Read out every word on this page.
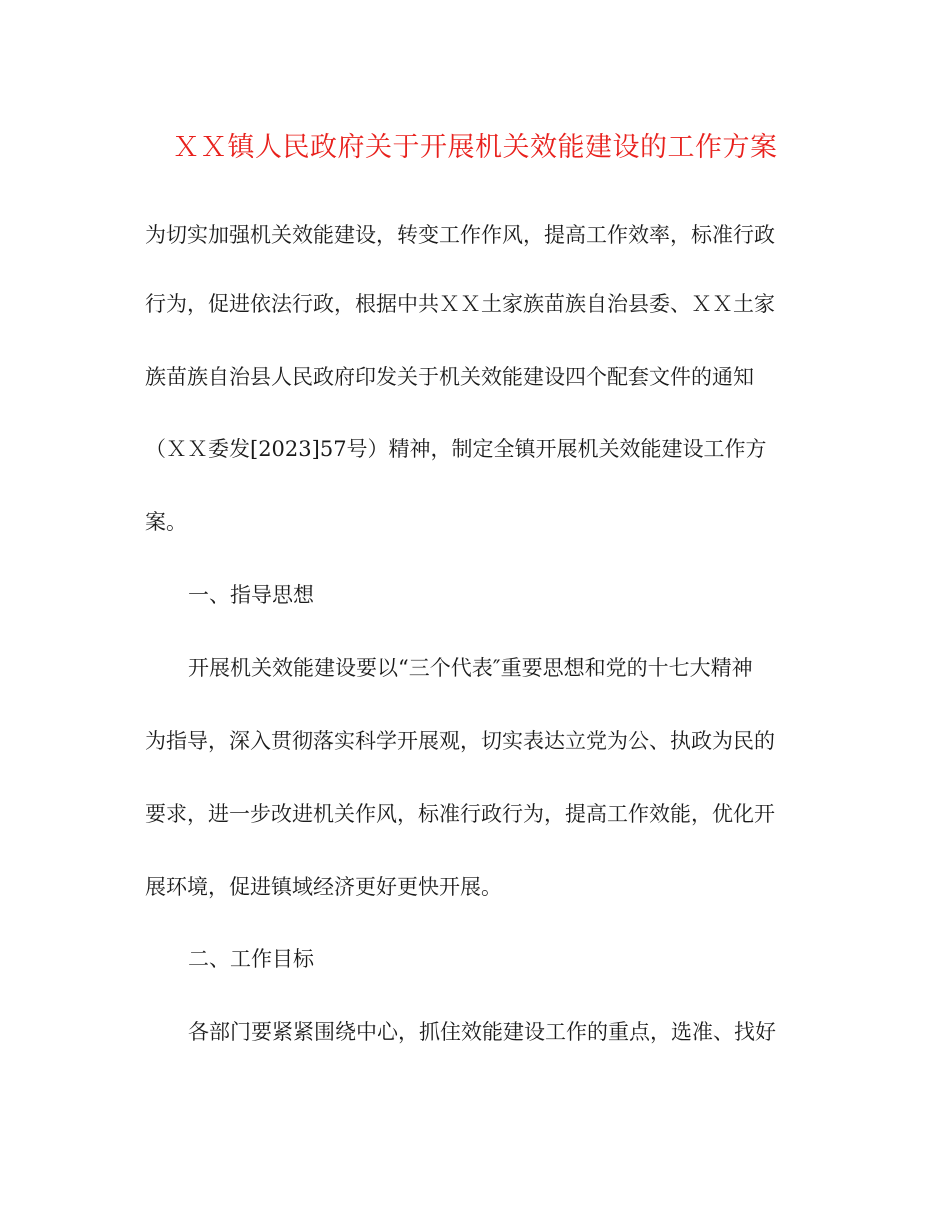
ＸＸ镇人民政府关于开展机关效能建设的工作方案
为切实加强机关效能建设，转变工作作风，提高工作效率，标准行政
行为，促进依法行政，根据中共ＸＸ土家族苗族自治县委、ＸＸ土家
族苗族自治县人民政府印发关于机关效能建设四个配套文件的通知
（ＸＸ委发[2023]57号）精神，制定全镇开展机关效能建设工作方
案。
一、指导思想
开展机关效能建设要以“三个代表″重要思想和党的十七大精神
为指导，深入贯彻落实科学开展观，切实表达立党为公、执政为民的
要求，进一步改进机关作风，标准行政行为，提高工作效能，优化开
展环境，促进镇域经济更好更快开展。
二、工作目标
各部门要紧紧围绕中心，抓住效能建设工作的重点，选准、找好
